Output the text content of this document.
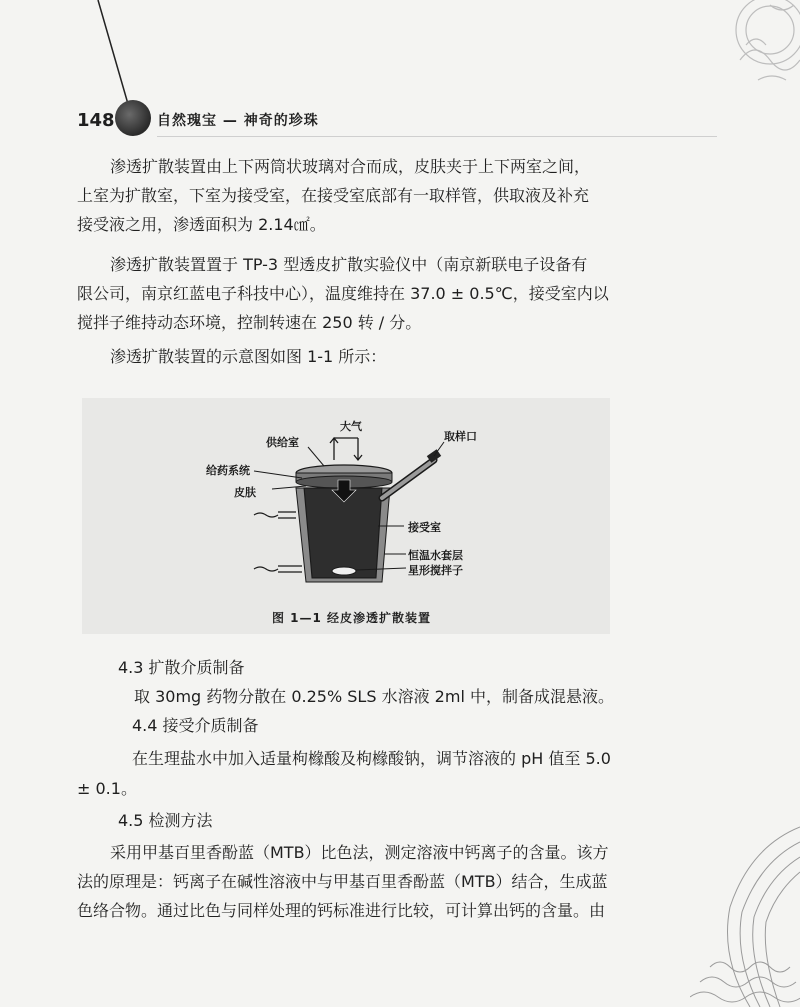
148	自然瑰宝 — 神奇的珍珠

渗透扩散装置由上下两筒状玻璃对合而成，皮肤夹于上下两室之间，

上室为扩散室，下室为接受室，在接受室底部有一取样管，供取液及补充

接受液之用，渗透面积为 2.14㎠。

渗透扩散装置置于 TP-3 型透皮扩散实验仪中（南京新联电子设备有

限公司，南京红蓝电子科技中心），温度维持在 37.0 ± 0.5℃，接受室内以

搅拌子维持动态环境，控制转速在 250 转 / 分。

渗透扩散装置的示意图如图 1-1 所示：

大气
供给室	取样口
给药系统
皮肤
接受室
恒温水套层
星形搅拌子
图 1—1 经皮渗透扩散装置
4.3 扩散介质制备
取 30mg 药物分散在 0.25% SLS 水溶液 2ml 中，制备成混悬液。
4.4 接受介质制备
在生理盐水中加入适量枸橼酸及枸橼酸钠，调节溶液的 pH 值至 5.0
± 0.1。
4.5 检测方法

采用甲基百里香酚蓝（MTB）比色法，测定溶液中钙离子的含量。该方

法的原理是：钙离子在碱性溶液中与甲基百里香酚蓝（MTB）结合，生成蓝

色络合物。通过比色与同样处理的钙标准进行比较，可计算出钙的含量。由
